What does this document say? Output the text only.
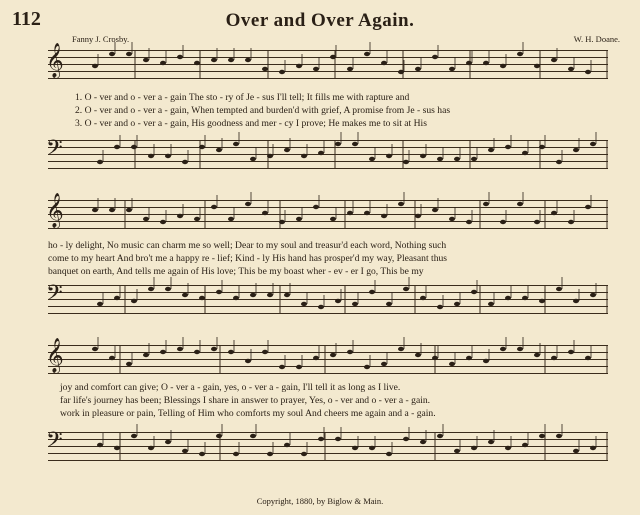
112	Over and Over Again.
Fanny J. Crosby.	W. H. Doane.
𝄞
1. O - ver and o - ver a - gain The sto - ry of Je - sus I'll tell; It fills me with rapture and
2. O - ver and o - ver a - gain, When tempted and burden'd with grief, A promise from Je - sus has
3. O - ver and o - ver a - gain, His goodness and mer - cy I prove; He makes me to sit at His
𝄢
𝄞
ho - ly delight, No music can charm me so well; Dear to my soul and treasur'd each word, Nothing such
come to my heart And bro't me a happy re - lief; Kind - ly His hand has prosper'd my way, Pleasant thus
banquet on earth, And tells me again of His love; This be my boast wher - ev - er I go, This be my
𝄢
𝄞
joy and comfort can give; O - ver a - gain, yes, o - ver a - gain, I'll tell it as long as I live.
far life's journey has been; Blessings I share in answer to prayer, Yes, o - ver and o - ver a - gain.
work in pleasure or pain, Telling of Him who comforts my soul And cheers me again and a - gain.
𝄢
Copyright, 1880, by Biglow & Main.
